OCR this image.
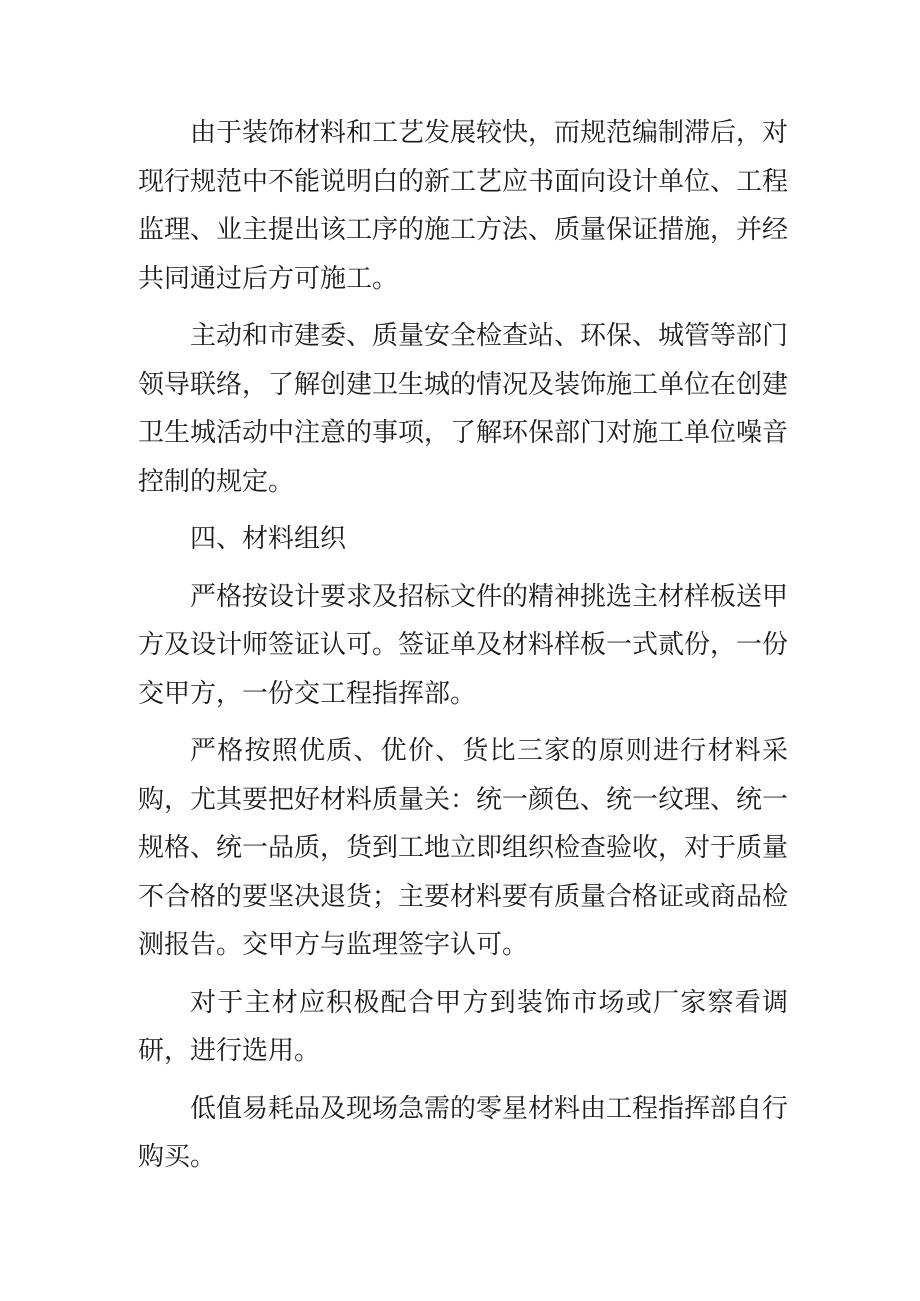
由于装饰材料和工艺发展较快，而规范编制滞后，对现行规范中不能说明白的新工艺应书面向设计单位、工程监理、业主提出该工序的施工方法、质量保证措施，并经共同通过后方可施工。

主动和市建委、质量安全检查站、环保、城管等部门领导联络，了解创建卫生城的情况及装饰施工单位在创建卫生城活动中注意的事项，了解环保部门对施工单位噪音控制的规定。

四、材料组织

严格按设计要求及招标文件的精神挑选主材样板送甲方及设计师签证认可。签证单及材料样板一式贰份，一份交甲方，一份交工程指挥部。

严格按照优质、优价、货比三家的原则进行材料采购，尤其要把好材料质量关：统一颜色、统一纹理、统一规格、统一品质，货到工地立即组织检查验收，对于质量不合格的要坚决退货；主要材料要有质量合格证或商品检测报告。交甲方与监理签字认可。

对于主材应积极配合甲方到装饰市场或厂家察看调研，进行选用。

低值易耗品及现场急需的零星材料由工程指挥部自行购买。
